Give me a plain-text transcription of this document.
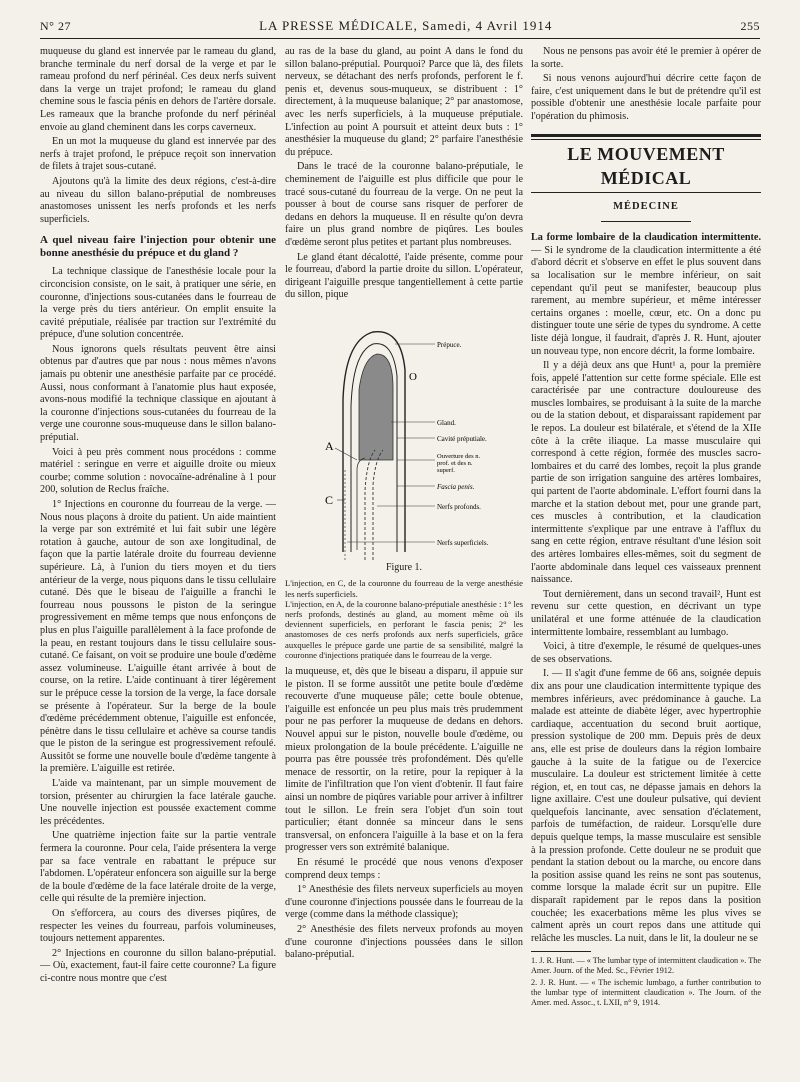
N° 27	LA PRESSE MÉDICALE, Samedi, 4 Avril 1914	255

muqueuse du gland est innervée par le rameau du gland, branche terminale du nerf dorsal de la verge et par le rameau profond du nerf périnéal. Ces deux nerfs suivent dans la verge un trajet profond; le rameau du gland chemine sous le fascia pénis en dehors de l'artère dorsale. Les rameaux que la branche profonde du nerf périnéal envoie au gland cheminent dans les corps caverneux.

En un mot la muqueuse du gland est innervée par des nerfs à trajet profond, le prépuce reçoit son innervation de filets à trajet sous-cutané.

Ajoutons qu'à la limite des deux régions, c'est-à-dire au niveau du sillon balano-préputial de nombreuses anastomoses unissent les nerfs profonds et les nerfs superficiels.

A quel niveau faire l'injection pour obtenir une bonne anesthésie du prépuce et du gland ?

La technique classique de l'anesthésie locale pour la circoncision consiste, on le sait, à pratiquer une série, en couronne, d'injections sous-cutanées dans le fourreau de la verge près du tiers antérieur. On emplit ensuite la cavité préputiale, réalisée par traction sur l'extrémité du prépuce, d'une solution concentrée.

Nous ignorons quels résultats peuvent être ainsi obtenus par d'autres que par nous : nous mêmes n'avons jamais pu obtenir une anesthésie parfaite par ce procédé. Aussi, nous conformant à l'anatomie plus haut exposée, avons-nous modifié la technique classique en ajoutant à la couronne d'injections sous-cutanées du fourreau de la verge une couronne sous-muqueuse dans le sillon balano-préputial.

Voici à peu près comment nous procédons : comme matériel : seringue en verre et aiguille droite ou mieux courbe; comme solution : novocaïne-adrénaline à 1 pour 200, solution de Reclus fraîche.

1° Injections en couronne du fourreau de la verge. — Nous nous plaçons à droite du patient. Un aide maintient la verge par son extrémité et lui fait subir une légère rotation à gauche, autour de son axe longitudinal, de façon que la partie latérale droite du fourreau devienne supérieure. Là, à l'union du tiers moyen et du tiers antérieur de la verge, nous piquons dans le tissu cellulaire cutané. Dès que le biseau de l'aiguille a franchi le fourreau nous poussons le piston de la seringue progressivement en même temps que nous enfonçons de plus en plus l'aiguille parallèlement à la face profonde de la peau, en restant toujours dans le tissu cellulaire sous-cutané. Ce faisant, on voit se produire une boule d'œdème assez volumineuse. L'aiguille étant arrivée à bout de course, on la retire. L'aide continuant à tirer légèrement sur le prépuce cesse la torsion de la verge, la face dorsale se présente à l'opérateur. Sur la berge de la boule d'œdème précédemment obtenue, l'aiguille est enfoncée, pénètre dans le tissu cellulaire et achève sa course tandis que le piston de la seringue est progressivement refoulé. Aussitôt se forme une nouvelle boule d'œdème tangente à la première. L'aiguille est retirée.

L'aide va maintenant, par un simple mouvement de torsion, présenter au chirurgien la face latérale gauche. Une nouvelle injection est poussée exactement comme les précédentes.

Une quatrième injection faite sur la partie ventrale fermera la couronne. Pour cela, l'aide présentera la verge par sa face ventrale en rabattant le prépuce sur l'abdomen. L'opérateur enfoncera son aiguille sur la berge de la boule d'œdème de la face latérale droite de la verge, celle qui résulte de la première injection.

On s'efforcera, au cours des diverses piqûres, de respecter les veines du fourreau, parfois volumineuses, toujours nettement apparentes.

2° Injections en couronne du sillon balano-préputial. — Où, exactement, faut-il faire cette couronne? La figure ci-contre nous montre que c'est

au ras de la base du gland, au point A dans le fond du sillon balano-préputial. Pourquoi? Parce que là, des filets nerveux, se détachant des nerfs profonds, perforent le f. penis et, devenus sous-muqueux, se distribuent : 1° directement, à la muqueuse balanique; 2° par anastomose, avec les nerfs superficiels, à la muqueuse préputiale. L'infection au point A poursuit et atteint deux buts : 1° anesthésier la muqueuse du gland; 2° parfaire l'anesthésie du prépuce.

Dans le tracé de la couronne balano-préputiale, le cheminement de l'aiguille est plus difficile que pour le tracé sous-cutané du fourreau de la verge. On ne peut la pousser à bout de course sans risquer de perforer de dedans en dehors la muqueuse. Il en résulte qu'on devra faire un plus grand nombre de piqûres. Les boules d'œdème seront plus petites et partant plus nombreuses.

Le gland étant décalotté, l'aide présente, comme pour le fourreau, d'abord la partie droite du sillon. L'opérateur, dirigeant l'aiguille presque tangentiellement à cette partie du sillon, pique

Prépuce.
O
Gland.
Cavité préputiale.
Ouverture des n.
prof. et des n.
superf.
Fascia penis.
Nerfs profonds.
Nerfs superficiels.
A
C
Figure 1.

L'injection, en C, de la couronne du fourreau de la verge anesthésie les nerfs superficiels.

L'injection, en A, de la couronne balano-préputiale anesthésie : 1° les nerfs profonds, destinés au gland, au moment même où ils deviennent superficiels, en perforant le fascia penis; 2° les anastomoses de ces nerfs profonds aux nerfs superficiels, grâce auxquelles le prépuce garde une partie de sa sensibilité, malgré la couronne d'injections pratiquée dans le fourreau de la verge.

la muqueuse, et, dès que le biseau a disparu, il appuie sur le piston. Il se forme aussitôt une petite boule d'œdème recouverte d'une muqueuse pâle; cette boule obtenue, l'aiguille est enfoncée un peu plus mais très prudemment pour ne pas perforer la muqueuse de dedans en dehors. Nouvel appui sur le piston, nouvelle boule d'œdème, ou mieux prolongation de la boule précédente. L'aiguille ne pourra pas être poussée très profondément. Dès qu'elle menace de ressortir, on la retire, pour la repiquer à la limite de l'infiltration que l'on vient d'obtenir. Il faut faire ainsi un nombre de piqûres variable pour arriver à infiltrer tout le sillon. Le frein sera l'objet d'un soin tout particulier; étant donnée sa minceur dans le sens transversal, on enfoncera l'aiguille à la base et on la fera progresser vers son extrémité balanique.

En résumé le procédé que nous venons d'exposer comprend deux temps :

1° Anesthésie des filets nerveux superficiels au moyen d'une couronne d'injections poussée dans le fourreau de la verge (comme dans la méthode classique);

2° Anesthésie des filets nerveux profonds au moyen d'une couronne d'injections poussées dans le sillon balano-préputial.

Nous ne pensons pas avoir été le premier à opérer de la sorte.

Si nous venons aujourd'hui décrire cette façon de faire, c'est uniquement dans le but de prétendre qu'il est possible d'obtenir une anesthésie locale parfaite pour l'opération du phimosis.

LE MOUVEMENT MÉDICAL
MÉDECINE

La forme lombaire de la claudication intermittente. — Si le syndrome de la claudication intermittente a été d'abord décrit et s'observe en effet le plus souvent dans sa localisation sur le membre inférieur, on sait cependant qu'il peut se manifester, beaucoup plus rarement, au membre supérieur, et même intéresser certains organes : moelle, cœur, etc. On a donc pu distinguer toute une série de types du syndrome. A cette liste déjà longue, il faudrait, d'après J. R. Hunt, ajouter un nouveau type, non encore décrit, la forme lombaire.

Il y a déjà deux ans que Hunt¹ a, pour la première fois, appelé l'attention sur cette forme spéciale. Elle est caractérisée par une contracture douloureuse des muscles lombaires, se produisant à la suite de la marche ou de la station debout, et disparaissant rapidement par le repos. La douleur est bilatérale, et s'étend de la XIIe côte à la crête iliaque. La masse musculaire qui correspond à cette région, formée des muscles sacro-lombaires et du carré des lombes, reçoit la plus grande partie de son irrigation sanguine des artères lombaires, qui partent de l'aorte abdominale. L'effort fourni dans la marche et la station debout met, pour une grande part, ces muscles à contribution, et la claudication intermittente s'explique par une entrave à l'afflux du sang en cette région, entrave résultant d'une lésion soit des artères lombaires elles-mêmes, soit du segment de l'aorte abdominale dans lequel ces vaisseaux prennent naissance.

Tout dernièrement, dans un second travail², Hunt est revenu sur cette question, en décrivant un type unilatéral et une forme atténuée de la claudication intermittente lombaire, ressemblant au lumbago.

Voici, à titre d'exemple, le résumé de quelques-unes de ses observations.

I. — Il s'agit d'une femme de 66 ans, soignée depuis dix ans pour une claudication intermittente typique des membres inférieurs, avec prédominance à gauche. La malade est atteinte de diabète léger, avec hypertrophie cardiaque, accentuation du second bruit aortique, pression systolique de 200 mm. Depuis près de deux ans, elle est prise de douleurs dans la région lombaire gauche à la suite de la fatigue ou de l'exercice musculaire. La douleur est strictement limitée à cette région, et, en tout cas, ne dépasse jamais en dehors la ligne axillaire. C'est une douleur pulsative, qui devient quelquefois lancinante, avec sensation d'éclatement, parfois de tuméfaction, de raideur. Lorsqu'elle dure depuis quelque temps, la masse musculaire est sensible à la pression profonde. Cette douleur ne se produit que pendant la station debout ou la marche, ou encore dans la position assise quand les reins ne sont pas soutenus, comme lorsque la malade écrit sur un pupitre. Elle disparaît rapidement par le repos dans la position couchée; les exacerbations même les plus vives se calment après un court repos dans une attitude qui relâche les muscles. La nuit, dans le lit, la douleur ne se

1. J. R. Hunt. — « The lumbar type of intermittent claudication ». The Amer. Journ. of the Med. Sc., Février 1912.

2. J. R. Hunt. — « The ischemic lumbago, a further contribution to the lumbar type of intermittent claudication ». The Journ. of the Amer. med. Assoc., t. LXII, n° 9, 1914.
